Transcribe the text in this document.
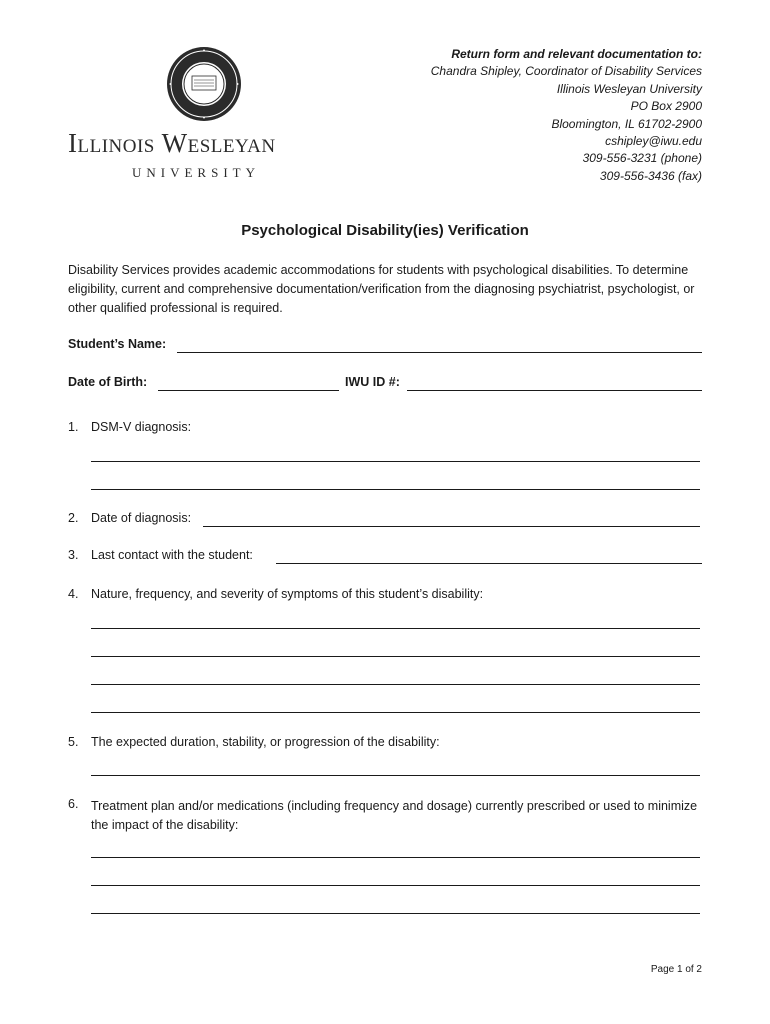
Illinois Wesleyan
UNIVERSITY
Return form and relevant documentation to:
Chandra Shipley, Coordinator of Disability Services
Illinois Wesleyan University
PO Box 2900
Bloomington, IL 61702-2900
cshipley@iwu.edu
309-556-3231 (phone)
309-556-3436 (fax)
Psychological Disability(ies) Verification
Disability Services provides academic accommodations for students with psychological disabilities. To determine eligibility, current and comprehensive documentation/verification from the diagnosing psychiatrist, psychologist, or other qualified professional is required.
Student’s Name:
Date of Birth:	IWU ID #:
1. DSM-V diagnosis:
2. Date of diagnosis:
3. Last contact with the student:
4. Nature, frequency, and severity of symptoms of this student’s disability:
5. The expected duration, stability, or progression of the disability:
6. Treatment plan and/or medications (including frequency and dosage) currently prescribed or used to minimize the impact of the disability:
Page 1 of 2
